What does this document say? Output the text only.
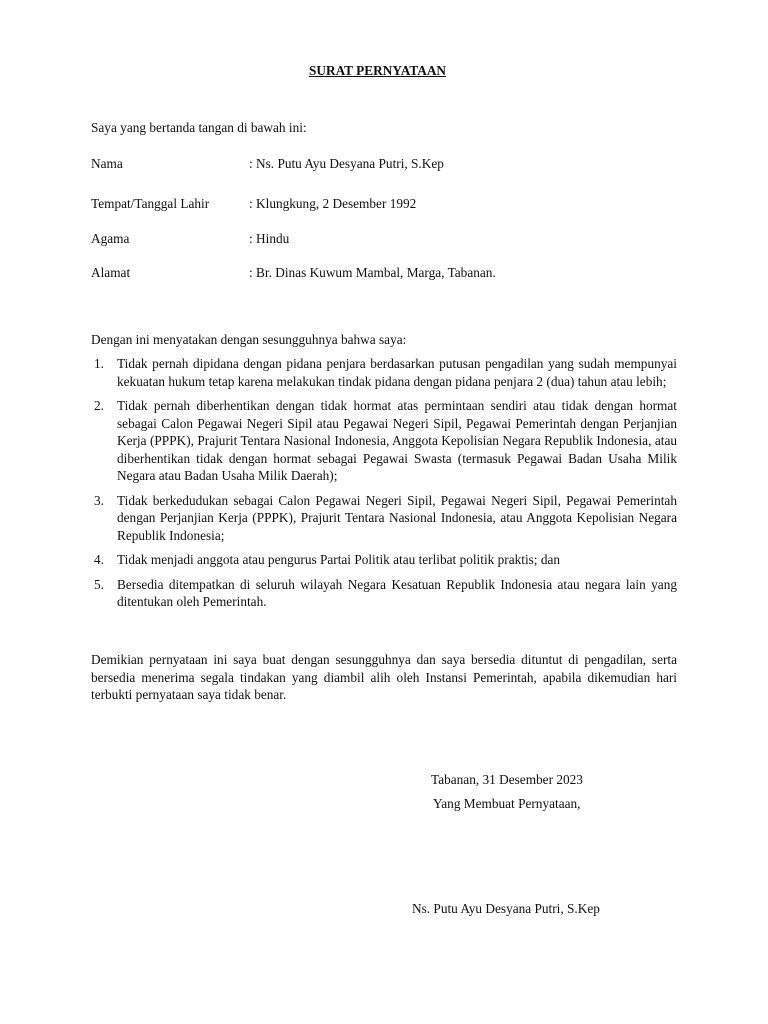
SURAT PERNYATAAN
Saya yang bertanda tangan di bawah ini:
Nama	: Ns. Putu Ayu Desyana Putri, S.Kep
Tempat/Tanggal Lahir	: Klungkung, 2 Desember 1992
Agama	: Hindu
Alamat	: Br. Dinas Kuwum Mambal, Marga, Tabanan.
Dengan ini menyatakan dengan sesungguhnya bahwa saya:
1. Tidak pernah dipidana dengan pidana penjara berdasarkan putusan pengadilan yang sudah mempunyai kekuatan hukum tetap karena melakukan tindak pidana dengan pidana penjara 2 (dua) tahun atau lebih;
2. Tidak pernah diberhentikan dengan tidak hormat atas permintaan sendiri atau tidak dengan hormat sebagai Calon Pegawai Negeri Sipil atau Pegawai Negeri Sipil, Pegawai Pemerintah dengan Perjanjian Kerja (PPPK), Prajurit Tentara Nasional Indonesia, Anggota Kepolisian Negara Republik Indonesia, atau diberhentikan tidak dengan hormat sebagai Pegawai Swasta (termasuk Pegawai Badan Usaha Milik Negara atau Badan Usaha Milik Daerah);
3. Tidak berkedudukan sebagai Calon Pegawai Negeri Sipil, Pegawai Negeri Sipil, Pegawai Pemerintah dengan Perjanjian Kerja (PPPK), Prajurit Tentara Nasional Indonesia, atau Anggota Kepolisian Negara Republik Indonesia;
4. Tidak menjadi anggota atau pengurus Partai Politik atau terlibat politik praktis; dan
5. Bersedia ditempatkan di seluruh wilayah Negara Kesatuan Republik Indonesia atau negara lain yang ditentukan oleh Pemerintah.
Demikian pernyataan ini saya buat dengan sesungguhnya dan saya bersedia dituntut di pengadilan, serta bersedia menerima segala tindakan yang diambil alih oleh Instansi Pemerintah, apabila dikemudian hari terbukti pernyataan saya tidak benar.
Tabanan, 31 Desember 2023
Yang Membuat Pernyataan,
Ns. Putu Ayu Desyana Putri, S.Kep
